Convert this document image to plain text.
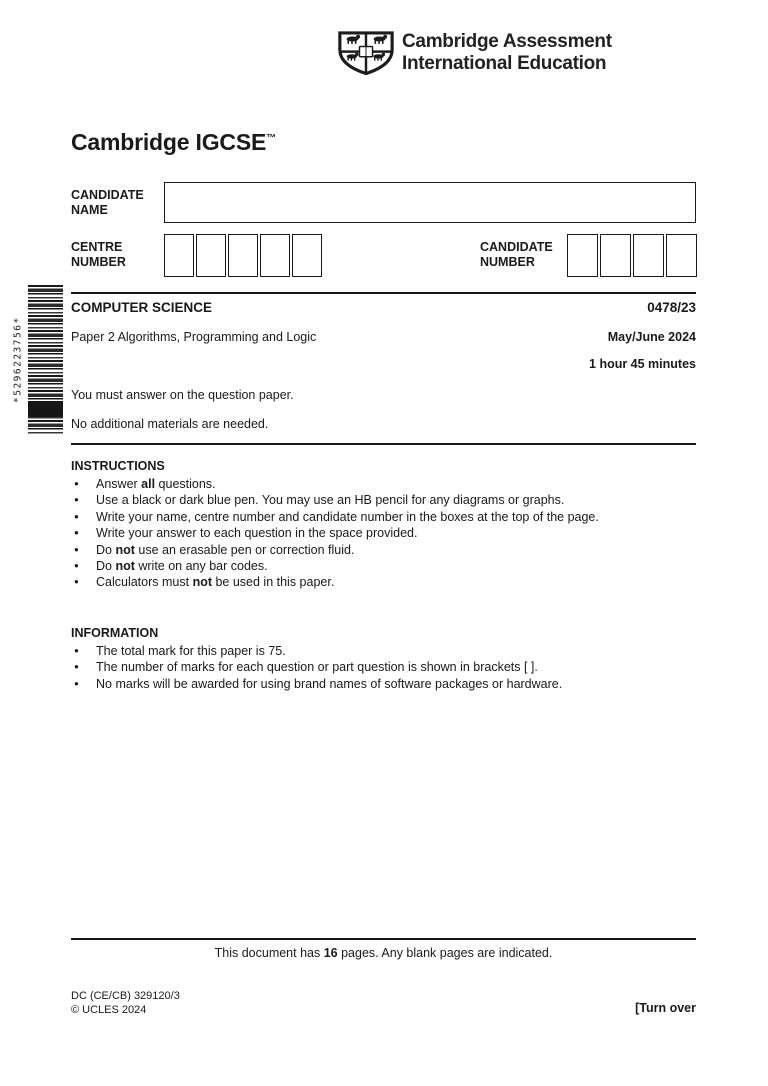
*5296223756*
Cambridge Assessment
International Education
Cambridge IGCSE™
CANDIDATE
NAME
CENTRE
NUMBER
CANDIDATE
NUMBER
COMPUTER SCIENCE	0478/23
Paper 2 Algorithms, Programming and Logic	May/June 2024
1 hour 45 minutes
You must answer on the question paper.
No additional materials are needed.
INSTRUCTIONS
●	Answer all questions.
●	Use a black or dark blue pen. You may use an HB pencil for any diagrams or graphs.
●	Write your name, centre number and candidate number in the boxes at the top of the page.
●	Write your answer to each question in the space provided.
●	Do not use an erasable pen or correction fluid.
●	Do not write on any bar codes.
●	Calculators must not be used in this paper.
INFORMATION
●	The total mark for this paper is 75.
●	The number of marks for each question or part question is shown in brackets [ ].
●	No marks will be awarded for using brand names of software packages or hardware.
This document has 16 pages. Any blank pages are indicated.
DC (CE/CB) 329120/3
© UCLES 2024	[Turn over
